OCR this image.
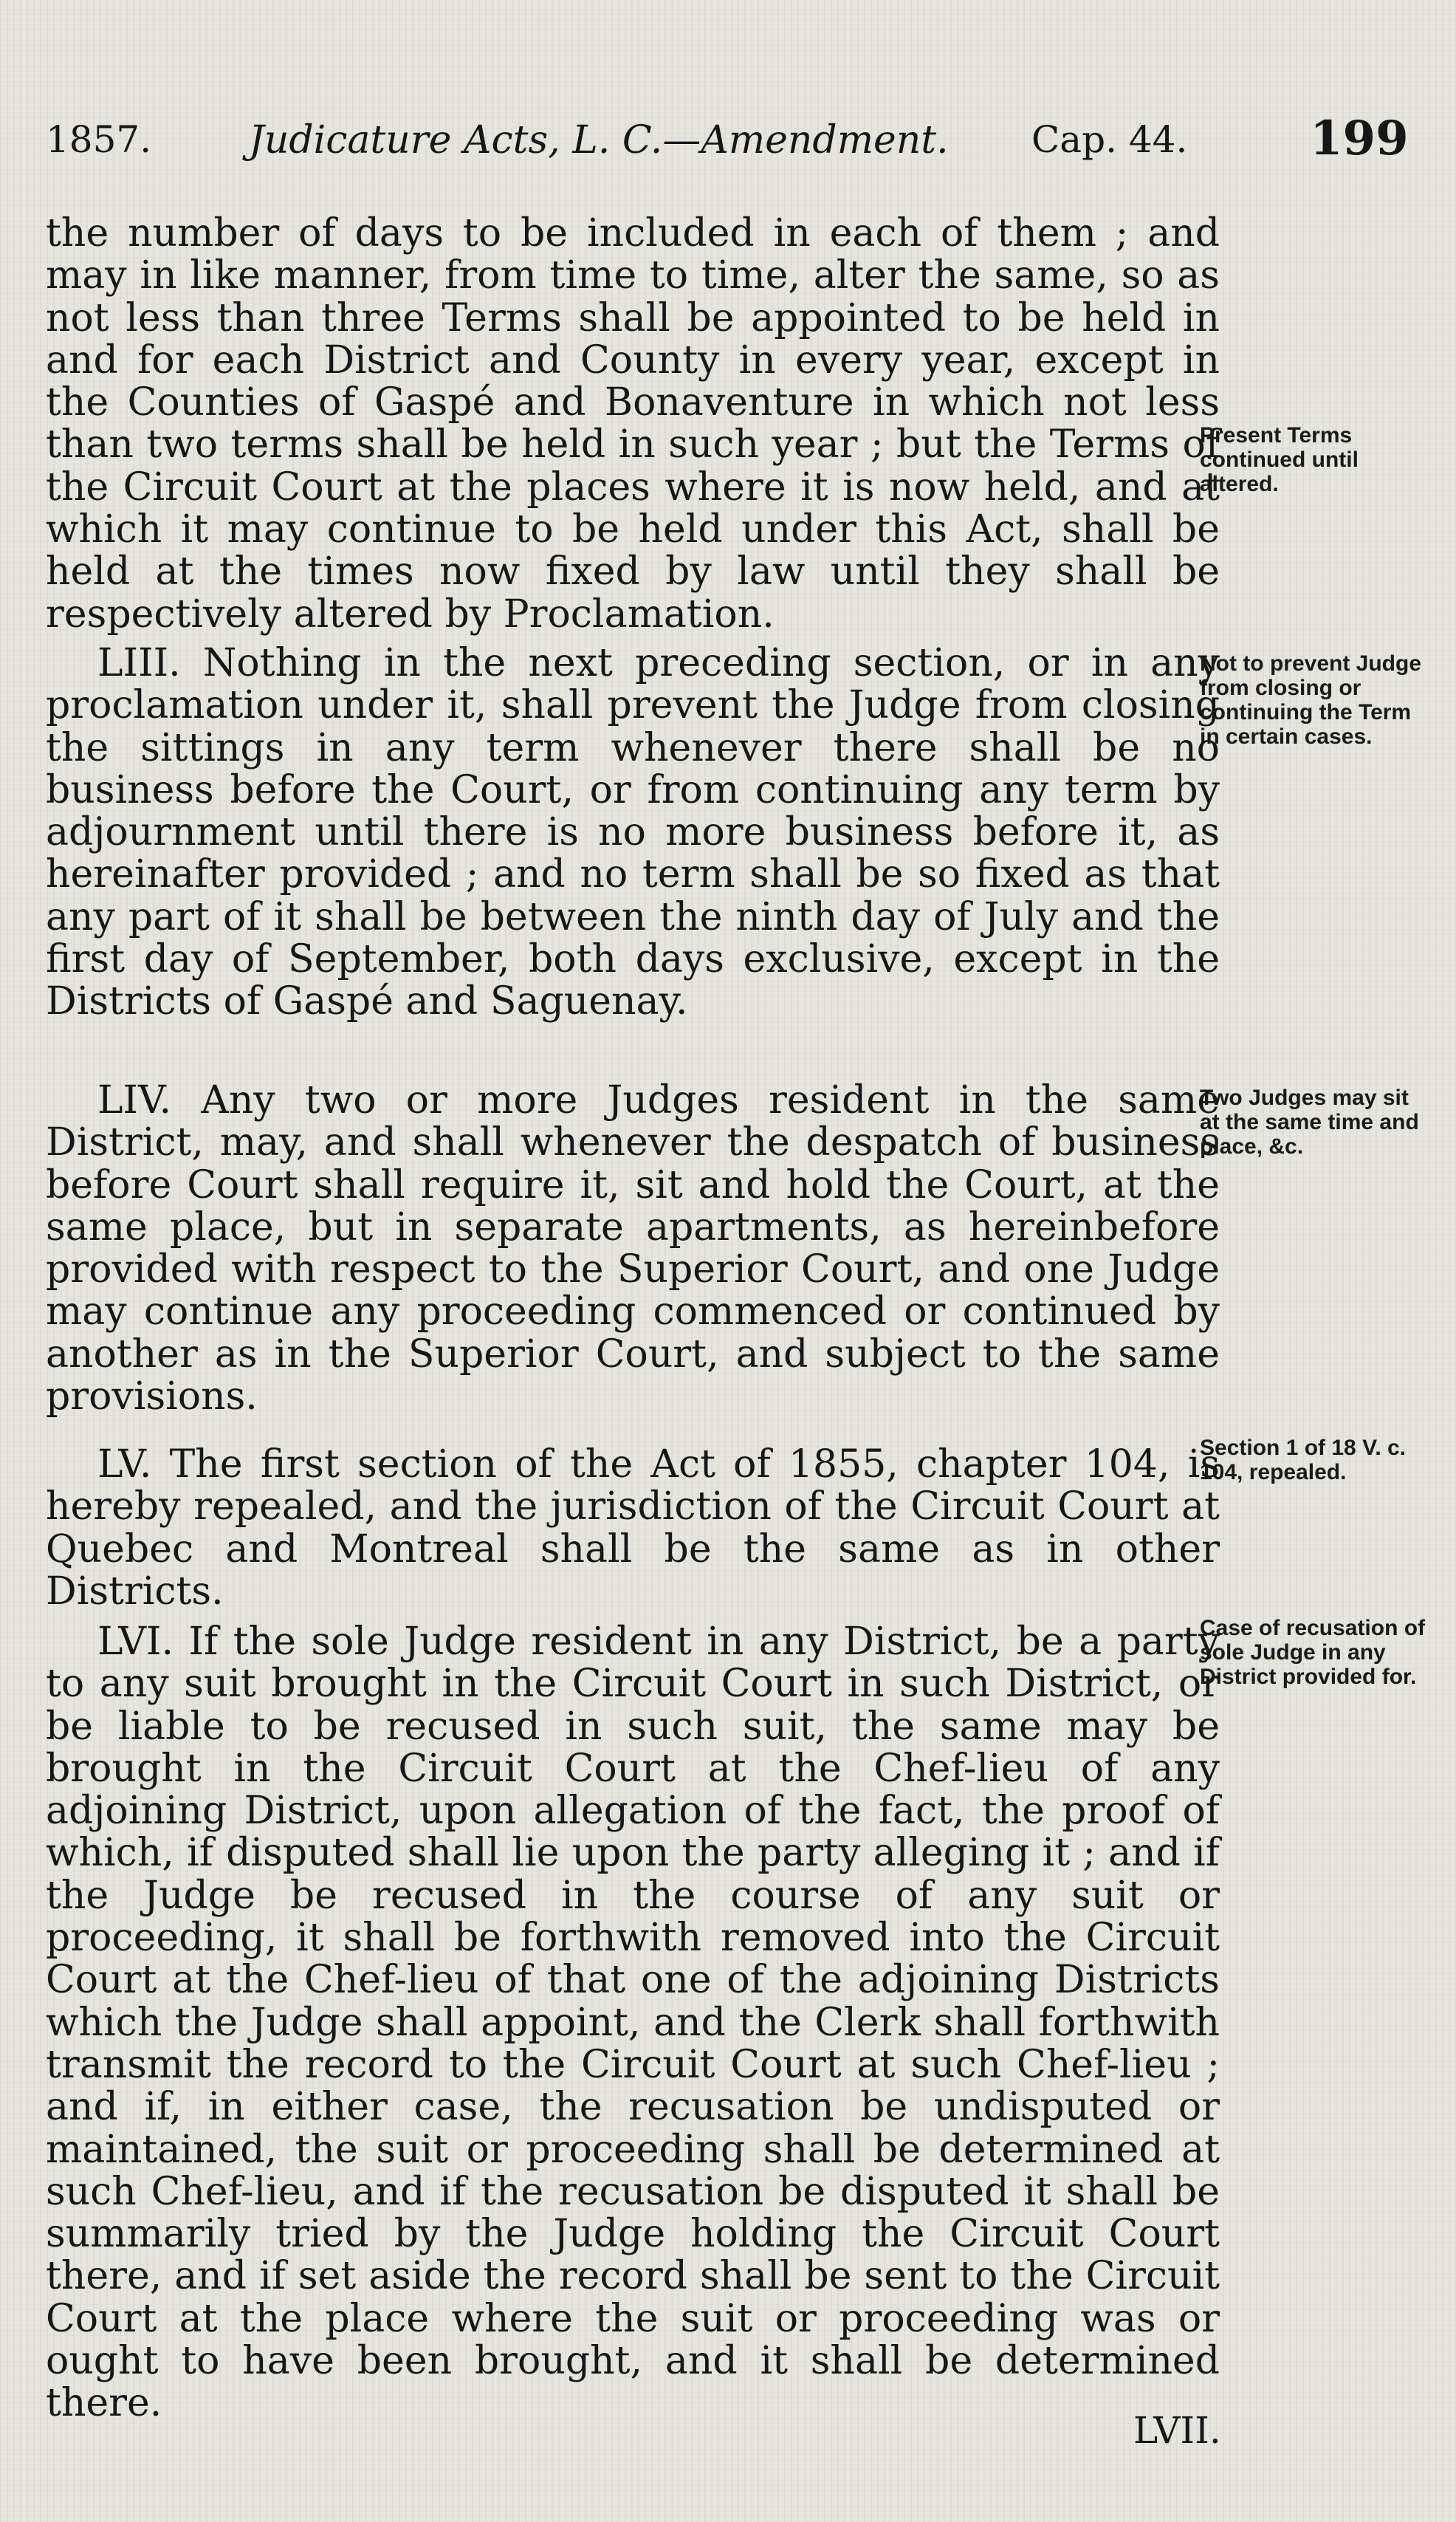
1857.	Judicature Acts, L. C.—Amendment. Cap. 44.	199

the number of days to be included in each of them ; and may in like manner, from time to time, alter the same, so as not less than three Terms shall be appointed to be held in and for each District and County in every year, except in the Counties of Gaspé and Bonaventure in which not less than two terms shall be held in such year ; but the Terms of the Circuit Court at the places where it is now held, and at which it may continue to be held under this Act, shall be held at the times now fixed by law until they shall be respectively altered by Proclamation.

Present Terms continued until altered.

LIII. Nothing in the next preceding section, or in any proclamation under it, shall prevent the Judge from closing the sittings in any term whenever there shall be no business before the Court, or from continuing any term by adjournment until there is no more business before it, as hereinafter provided ; and no term shall be so fixed as that any part of it shall be between the ninth day of July and the first day of September, both days exclusive, except in the Districts of Gaspé and Saguenay.

Not to prevent Judge from closing or continuing the Term in certain cases.

LIV. Any two or more Judges resident in the same District, may, and shall whenever the despatch of business before Court shall require it, sit and hold the Court, at the same place, but in separate apartments, as hereinbefore provided with respect to the Superior Court, and one Judge may continue any proceeding commenced or continued by another as in the Superior Court, and subject to the same provisions.

Two Judges may sit at the same time and place, &c.

LV. The first section of the Act of 1855, chapter 104, is hereby repealed, and the jurisdiction of the Circuit Court at Quebec and Montreal shall be the same as in other Districts.

Section 1 of 18 V. c. 104, repealed.

LVI. If the sole Judge resident in any District, be a party to any suit brought in the Circuit Court in such District, or be liable to be recused in such suit, the same may be brought in the Circuit Court at the Chef-lieu of any adjoining District, upon allegation of the fact, the proof of which, if disputed shall lie upon the party alleging it ; and if the Judge be recused in the course of any suit or proceeding, it shall be forthwith removed into the Circuit Court at the Chef-lieu of that one of the adjoining Districts which the Judge shall appoint, and the Clerk shall forthwith transmit the record to the Circuit Court at such Chef-lieu ; and if, in either case, the recusation be undisputed or maintained, the suit or proceeding shall be determined at such Chef-lieu, and if the recusation be disputed it shall be summarily tried by the Judge holding the Circuit Court there, and if set aside the record shall be sent to the Circuit Court at the place where the suit or proceeding was or ought to have been brought, and it shall be determined there.

Case of recusation of sole Judge in any District provided for.
LVII.
